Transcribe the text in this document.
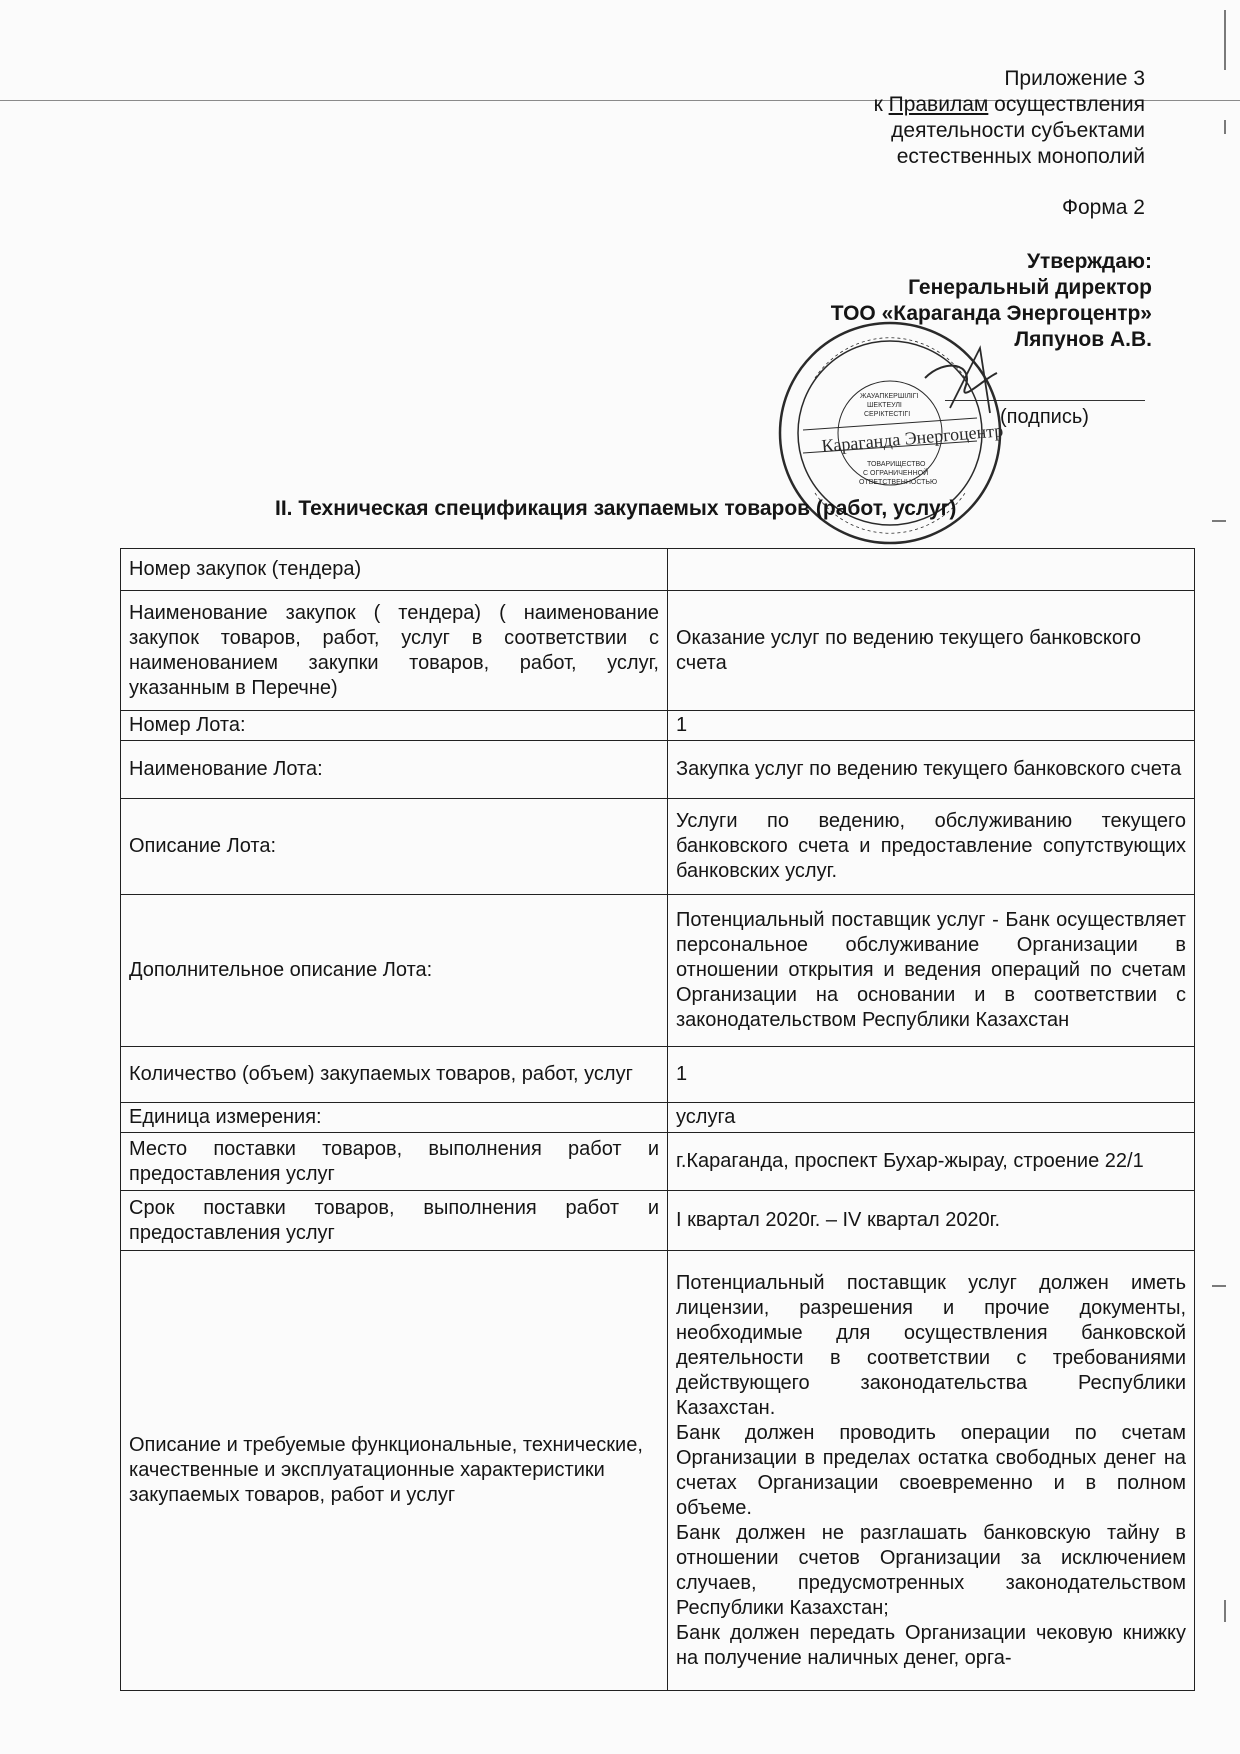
Приложение 3
к Правилам осуществления
деятельности субъектами
естественных монополий
Форма 2
Утверждаю:
Генеральный директор
ТОО «Караганда Энергоцентр»
Ляпунов А.В.
(подпись)
Караганда Энергоцентр
ЖАУАПКЕРШІЛІГІ
ШЕКТЕУЛІ
СЕРІКТЕСТІГІ
ТОВАРИЩЕСТВО
С ОГРАНИЧЕННОЙ
ОТВЕТСТВЕННОСТЬЮ
II. Техническая спецификация закупаемых товаров (работ, услуг)
Номер закупок (тендера)	
Наименование закупок ( тендера) ( наименование закупок товаров, работ, услуг в соответствии с наименованием закупки товаров, работ, услуг, указанным в Перечне)	Оказание услуг по ведению текущего банковского счета
Номер Лота:	1
Наименование Лота:	Закупка услуг по ведению текущего банковского счета
Описание Лота:	Услуги по ведению, обслуживанию текущего банковского счета и предоставление сопутствующих банковских услуг.
Дополнительное описание Лота:	Потенциальный поставщик услуг - Банк осуществляет персональное обслуживание Организации в отношении открытия и ведения операций по счетам Организации на основании и в соответствии с законодательством Республики Казахстан
Количество (объем) закупаемых товаров, работ, услуг	1
Единица измерения:	услуга
Место поставки товаров, выполнения работ и предоставления услуг	г.Караганда, проспект Бухар-жырау, строение 22/1
Срок поставки товаров, выполнения работ и предоставления услуг	I квартал 2020г. – IV квартал 2020г.
Описание и требуемые функциональные, технические, качественные и эксплуатационные характеристики закупаемых товаров, работ и услуг	Потенциальный поставщик услуг должен иметь лицензии, разрешения и прочие документы, необходимые для осуществления банковской деятельности в соответствии с требованиями действующего законодательства Республики Казахстан.

Банк должен проводить операции по счетам Организации в пределах остатка свободных денег на счетах Организации своевременно и в полном объеме.

Банк должен не разглашать банковскую тайну в отношении счетов Организации за исключением случаев, предусмотренных законодательством Республики Казахстан;

Банк должен передать Организации чековую книжку на получение наличных денег, орга-
